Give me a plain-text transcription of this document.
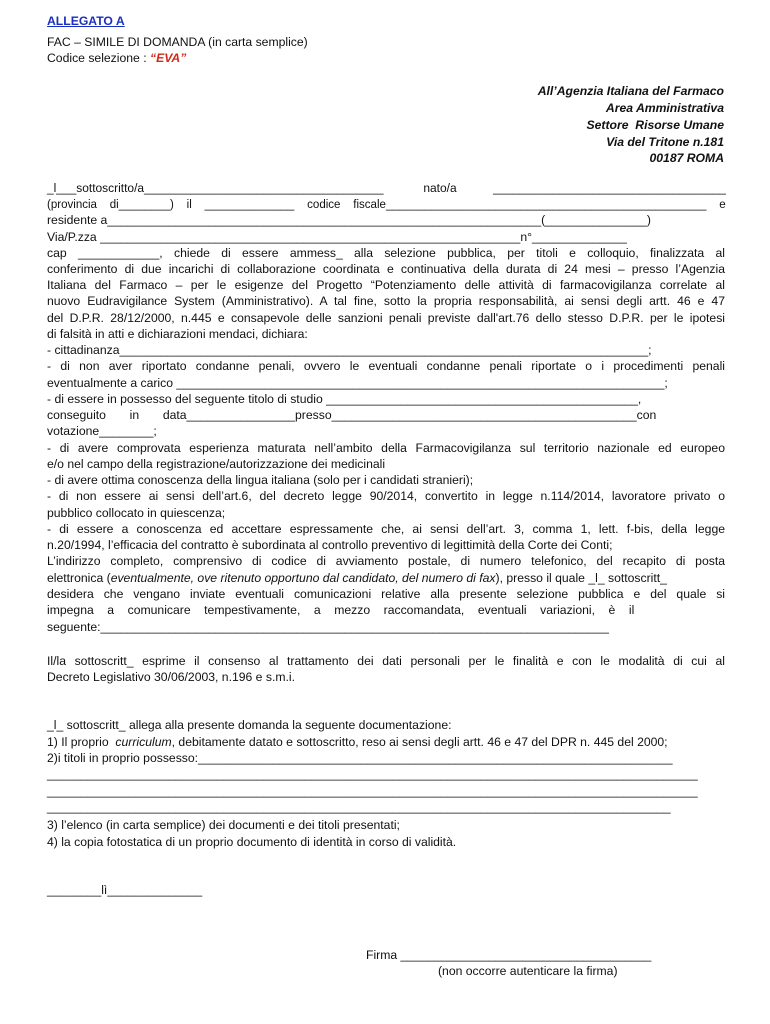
ALLEGATO A
FAC – SIMILE DI DOMANDA (in carta semplice)
Codice selezione : “EVA”
All’Agenzia Italiana del Farmaco
Area Amministrativa
Settore  Risorse Umane
Via del Tritone n.181
00187 ROMA
_l___sottoscritto/a____________________________________            nato/a           ___________________________________
(provincia    di________)    il    ______________    codice    fiscale__________________________________________________    e
residente a________________________________________________________________(_______________)
Via/P.zza ______________________________________________________________n°______________
cap ____________, chiede di essere ammess_ alla selezione pubblica, per titoli e colloquio, finalizzata al
conferimento di due incarichi di collaborazione coordinata e continuativa della durata di 24 mesi – presso l’Agenzia
Italiana del Farmaco – per le esigenze del Progetto “Potenziamento delle attività di farmacovigilanza correlate al
nuovo Eudravigilance System (Amministrativo). A tal fine, sotto la propria responsabilità, ai sensi degli artt. 46 e 47
del D.P.R. 28/12/2000, n.445 e consapevole delle sanzioni penali previste dall'art.76 dello stesso D.P.R. per le ipotesi
di falsità in atti e dichiarazioni mendaci, dichiara:
- cittadinanza______________________________________________________________________________;
- di non aver riportato condanne penali, ovvero le eventuali condanne penali riportate o i procedimenti penali
eventualmente a carico ________________________________________________________________________;
- di essere in possesso del seguente titolo di studio ______________________________________________,
conseguito       in       data________________presso_____________________________________________con
votazione________;
- di avere comprovata esperienza maturata nell’ambito della Farmacovigilanza sul territorio nazionale ed europeo
e/o nel campo della registrazione/autorizzazione dei medicinali
- di avere ottima conoscenza della lingua italiana (solo per i candidati stranieri);
- di non essere ai sensi dell’art.6, del decreto legge 90/2014, convertito in legge n.114/2014, lavoratore privato o
pubblico collocato in quiescenza;
- di essere a conoscenza ed accettare espressamente che, ai sensi dell’art. 3, comma 1, lett. f-bis, della legge
n.20/1994, l’efficacia del contratto è subordinata al controllo preventivo di legittimità della Corte dei Conti;
L’indirizzo completo, comprensivo di codice di avviamento postale, di numero telefonico, del recapito di posta
elettronica (eventualmente, ove ritenuto opportuno dal candidato, del numero di fax), presso il quale _l_ sottoscritt_
desidera che vengano inviate eventuali comunicazioni relative alla presente selezione pubblica e del quale si
impegna    a    comunicare    tempestivamente,    a    mezzo    raccomandata,    eventuali    variazioni,    è    il
seguente:___________________________________________________________________________
Il/la sottoscritt_ esprime il consenso al trattamento dei dati personali per le finalità e con le modalità di cui al
Decreto Legislativo 30/06/2003, n.196 e s.m.i.
_l_ sottoscritt_ allega alla presente domanda la seguente documentazione:
1) Il proprio  curriculum, debitamente datato e sottoscritto, reso ai sensi degli artt. 46 e 47 del DPR n. 445 del 2000;
2)i titoli in proprio possesso:______________________________________________________________________
________________________________________________________________________________________________
________________________________________________________________________________________________
____________________________________________________________________________________________
3) l’elenco (in carta semplice) dei documenti e dei titoli presentati;
4) la copia fotostatica di un proprio documento di identità in corso di validità.
________lì______________
Firma _____________________________________
(non occorre autenticare la firma)
